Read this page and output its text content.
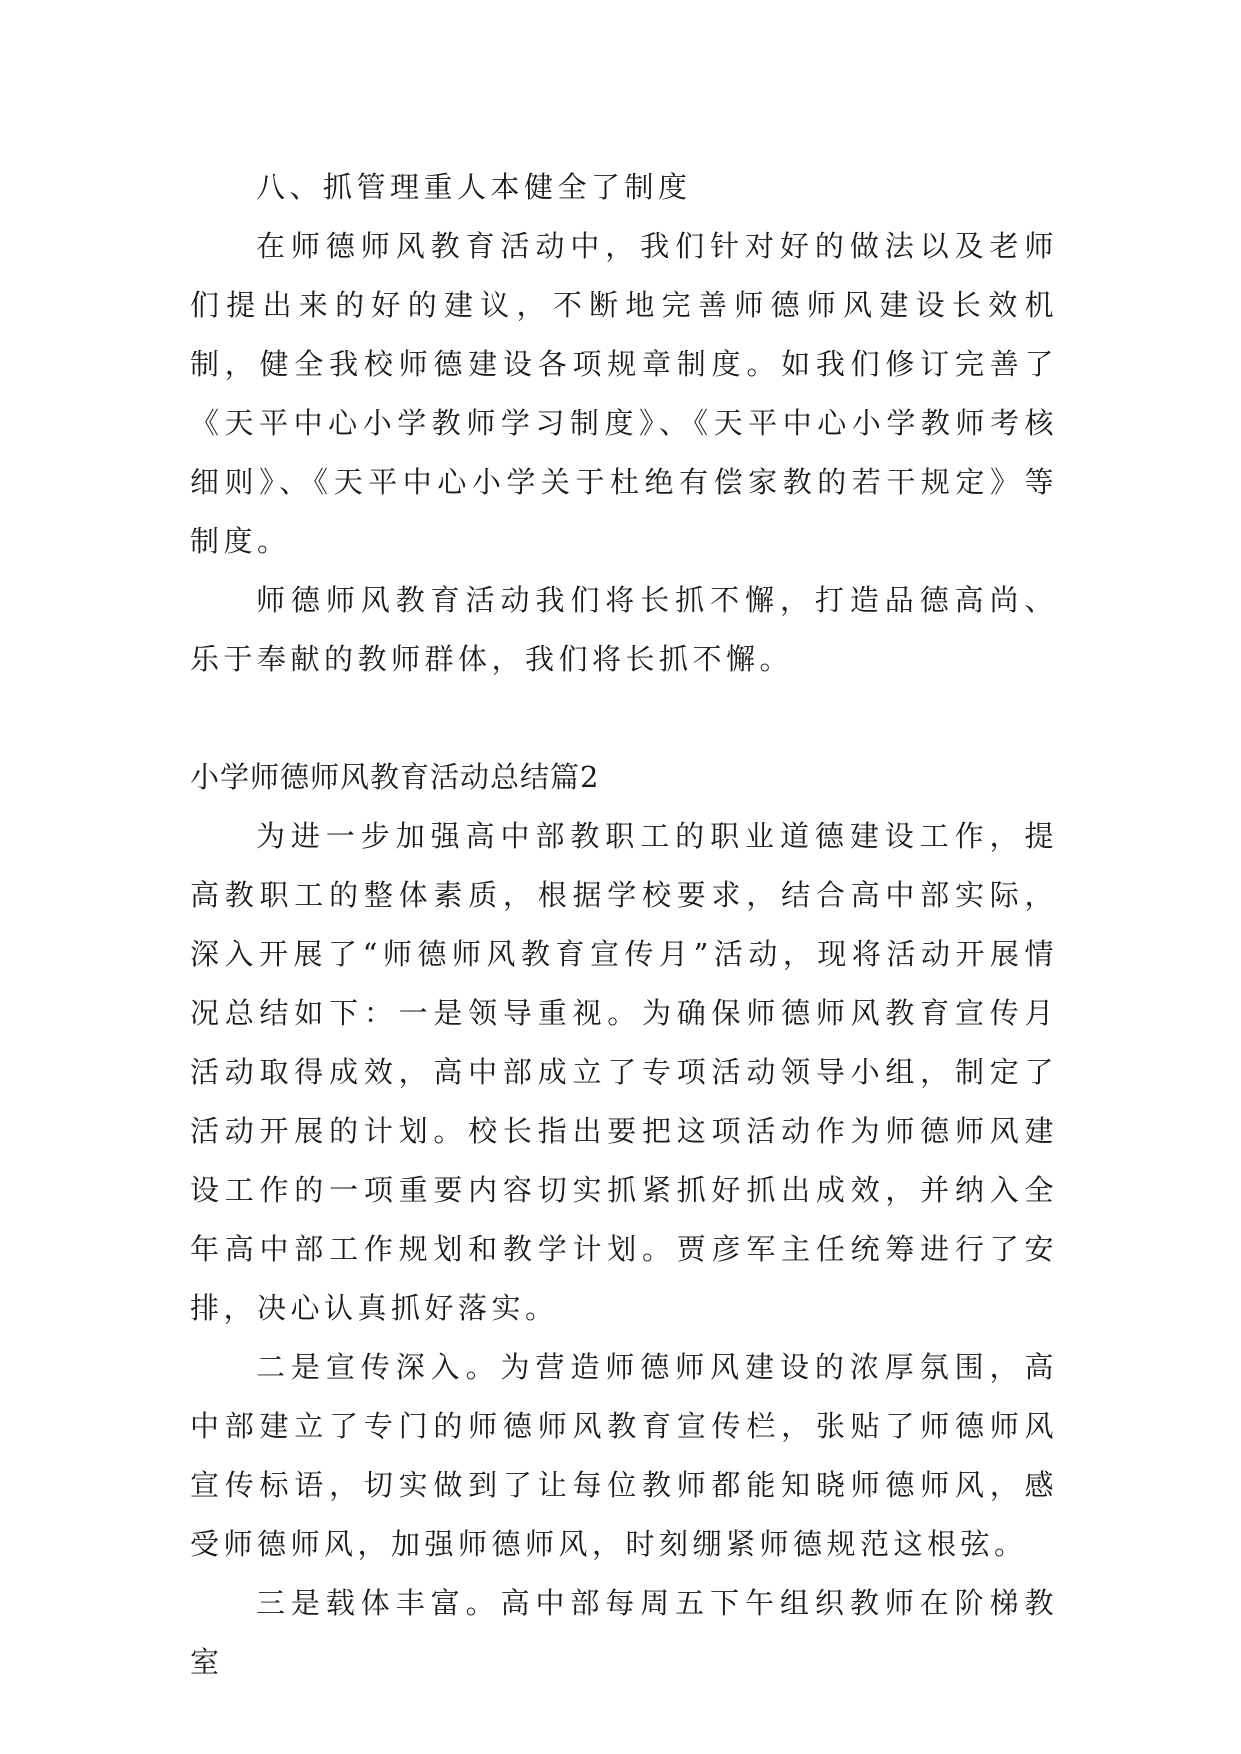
八、抓管理重人本健全了制度

在师德师风教育活动中，我们针对好的做法以及老师们提出来的好的建议，不断地完善师德师风建设长效机制，健全我校师德建设各项规章制度。如我们修订完善了《天平中心小学教师学习制度》、《天平中心小学教师考核细则》、《天平中心小学关于杜绝有偿家教的若干规定》等制度。

师德师风教育活动我们将长抓不懈，打造品德高尚、乐于奉献的教师群体，我们将长抓不懈。

小学师德师风教育活动总结篇2

为进一步加强高中部教职工的职业道德建设工作，提高教职工的整体素质，根据学校要求，结合高中部实际，深入开展了“师德师风教育宣传月”活动，现将活动开展情况总结如下：一是领导重视。为确保师德师风教育宣传月活动取得成效，高中部成立了专项活动领导小组，制定了活动开展的计划。校长指出要把这项活动作为师德师风建设工作的一项重要内容切实抓紧抓好抓出成效，并纳入全年高中部工作规划和教学计划。贾彦军主任统筹进行了安排，决心认真抓好落实。

二是宣传深入。为营造师德师风建设的浓厚氛围，高中部建立了专门的师德师风教育宣传栏，张贴了师德师风宣传标语，切实做到了让每位教师都能知晓师德师风，感受师德师风，加强师德师风，时刻绷紧师德规范这根弦。

三是载体丰富。高中部每周五下午组织教师在阶梯教室
